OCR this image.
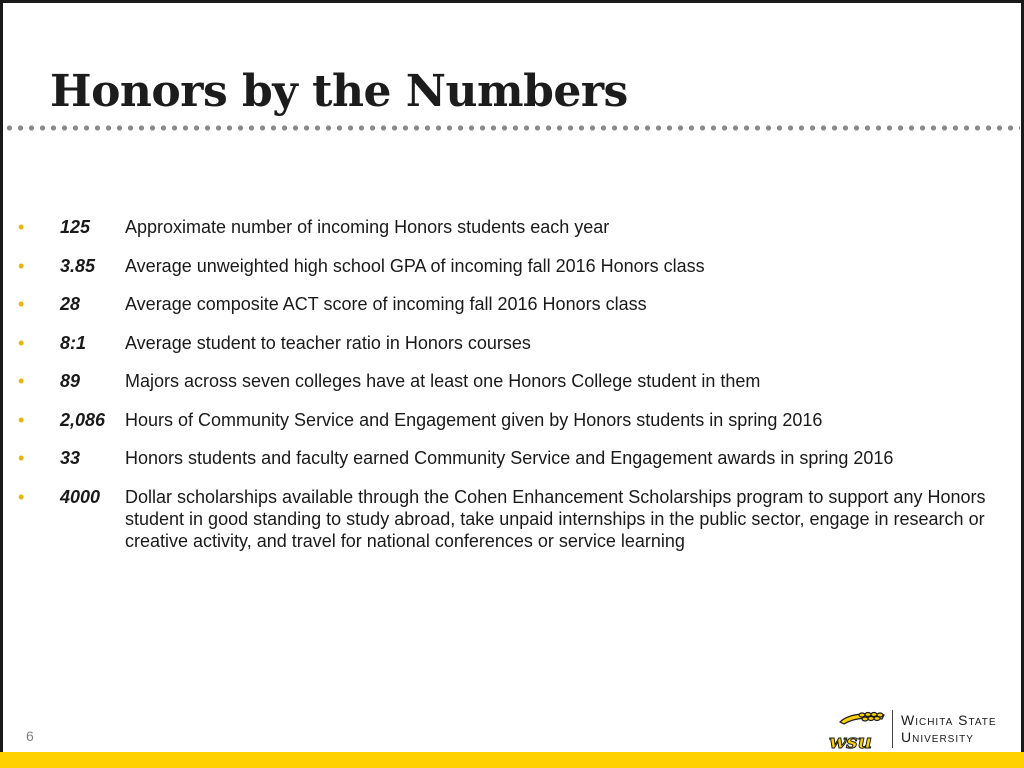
Honors by the Numbers
• 125 Approximate number of incoming Honors students each year
• 3.85 Average unweighted high school GPA of incoming fall 2016 Honors class
• 28 Average composite ACT score of incoming fall 2016 Honors class
• 8:1 Average student to teacher ratio in Honors courses
• 89 Majors across seven colleges have at least one Honors College student in them
• 2,086 Hours of Community Service and Engagement given by Honors students in spring 2016
• 33 Honors students and faculty earned Community Service and Engagement awards in spring 2016
• 4000 Dollar scholarships available through the Cohen Enhancement Scholarships program to support any Honors student in good standing to study abroad, take unpaid internships in the public sector, engage in research or creative activity, and travel for national conferences or service learning
6	wsu
Wichita State
University
